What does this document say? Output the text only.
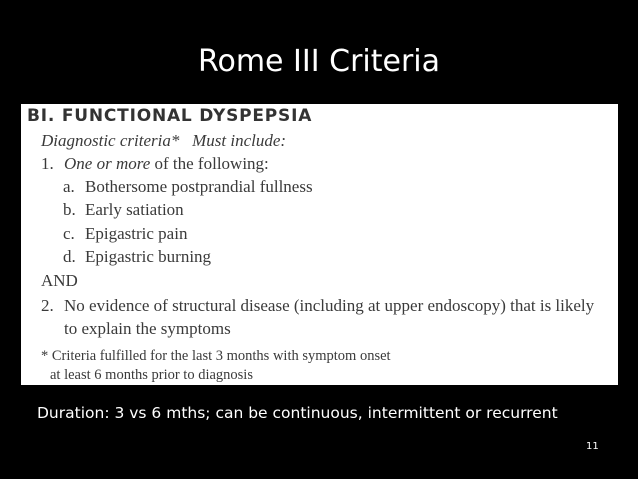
Rome III Criteria
BI. FUNCTIONAL DYSPEPSIA
Diagnostic criteria* Must include:
1. One or more of the following:
a. Bothersome postprandial fullness
b. Early satiation
c. Epigastric pain
d. Epigastric burning
AND
2. No evidence of structural disease (including at upper endoscopy) that is likely
to explain the symptoms
* Criteria fulfilled for the last 3 months with symptom onset
at least 6 months prior to diagnosis
Duration: 3 vs 6 mths; can be continuous, intermittent or recurrent
11
